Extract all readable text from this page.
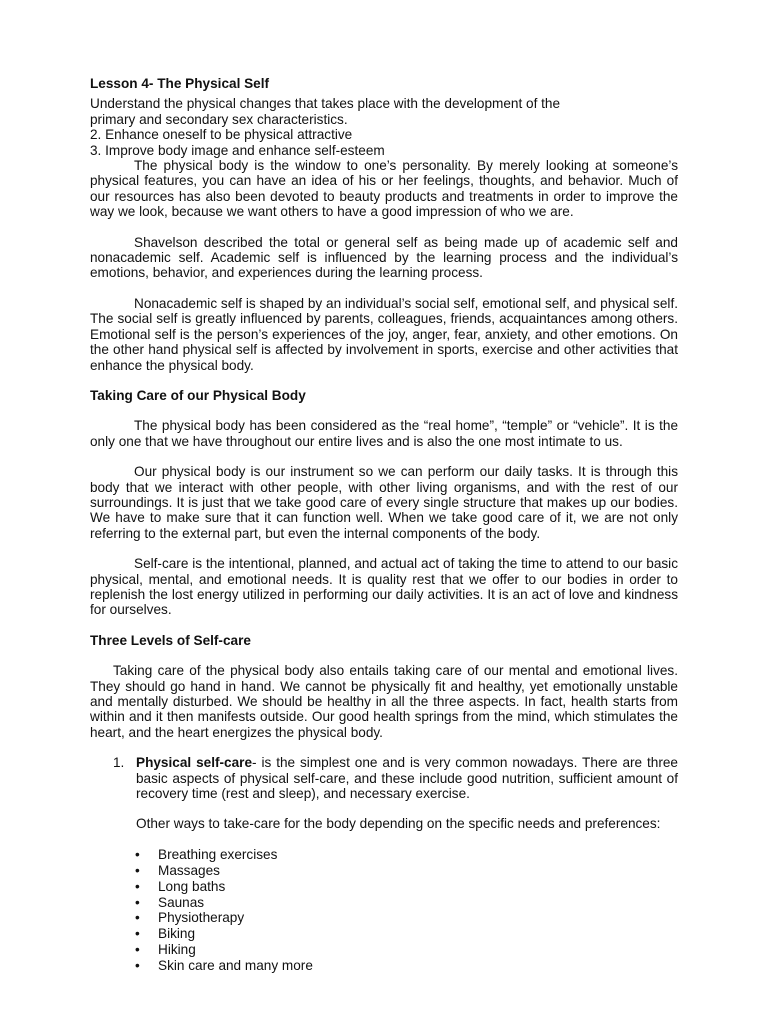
Lesson 4- The Physical Self
Understand the physical changes that takes place with the development of the
primary and secondary sex characteristics.
2. Enhance oneself to be physical attractive
3. Improve body image and enhance self-esteem

The physical body is the window to one’s personality. By merely looking at someone’s physical features, you can have an idea of his or her feelings, thoughts, and behavior. Much of our resources has also been devoted to beauty products and treatments in order to improve the way we look, because we want others to have a good impression of who we are.

Shavelson described the total or general self as being made up of academic self and nonacademic self. Academic self is influenced by the learning process and the individual’s emotions, behavior, and experiences during the learning process.

Nonacademic self is shaped by an individual’s social self, emotional self, and physical self. The social self is greatly influenced by parents, colleagues, friends, acquaintances among others. Emotional self is the person’s experiences of the joy, anger, fear, anxiety, and other emotions. On the other hand physical self is affected by involvement in sports, exercise and other activities that enhance the physical body.

Taking Care of our Physical Body

The physical body has been considered as the “real home”, “temple” or “vehicle”. It is the only one that we have throughout our entire lives and is also the one most intimate to us.

Our physical body is our instrument so we can perform our daily tasks. It is through this body that we interact with other people, with other living organisms, and with the rest of our surroundings. It is just that we take good care of every single structure that makes up our bodies. We have to make sure that it can function well. When we take good care of it, we are not only referring to the external part, but even the internal components of the body.

Self-care is the intentional, planned, and actual act of taking the time to attend to our basic physical, mental, and emotional needs. It is quality rest that we offer to our bodies in order to replenish the lost energy utilized in performing our daily activities. It is an act of love and kindness for ourselves.

Three Levels of Self-care

Taking care of the physical body also entails taking care of our mental and emotional lives. They should go hand in hand. We cannot be physically fit and healthy, yet emotionally unstable and mentally disturbed. We should be healthy in all the three aspects. In fact, health starts from within and it then manifests outside. Our good health springs from the mind, which stimulates the heart, and the heart energizes the physical body.

1. Physical self-care- is the simplest one and is very common nowadays. There are three basic aspects of physical self-care, and these include good nutrition, sufficient amount of recovery time (rest and sleep), and necessary exercise.

Other ways to take-care for the body depending on the specific needs and preferences:

• Breathing exercises
• Massages
• Long baths
• Saunas
• Physiotherapy
• Biking
• Hiking
• Skin care and many more
